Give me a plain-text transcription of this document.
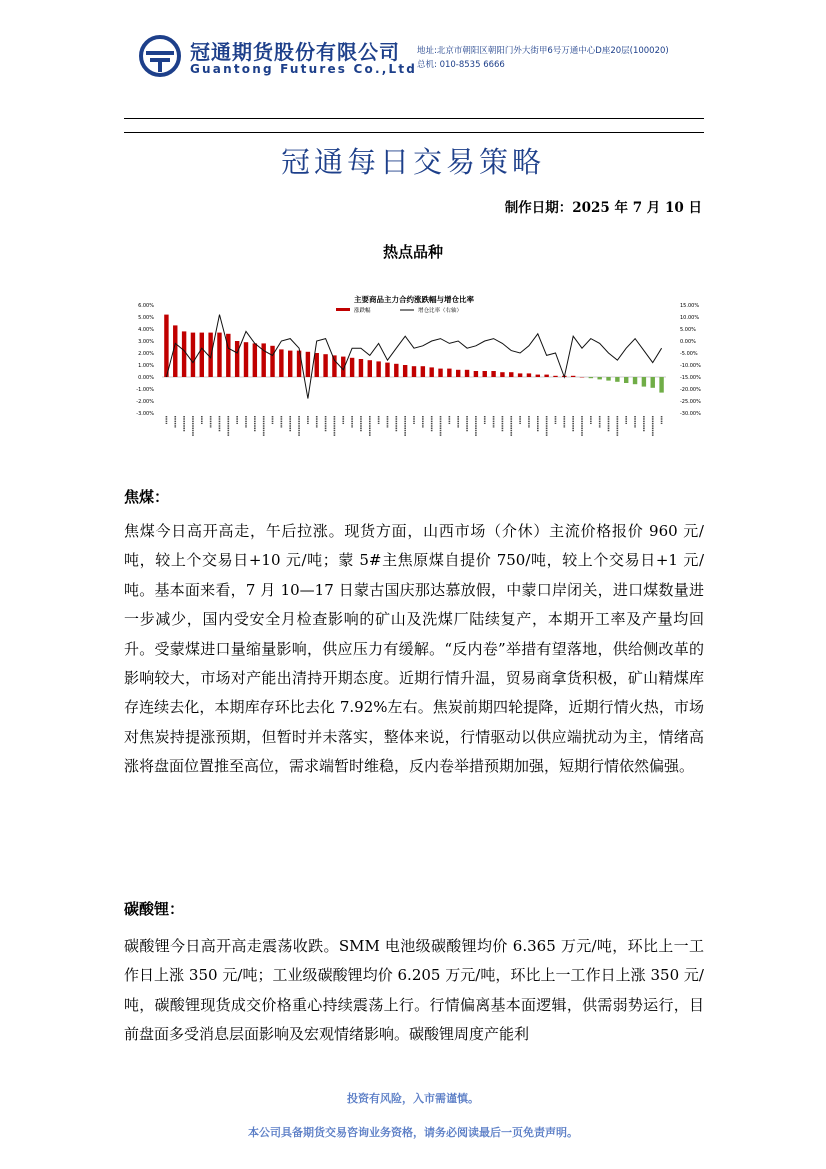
冠通期货股份有限公司
Guantong Futures Co.,Ltd
地址:北京市朝阳区朝阳门外大街甲6号万通中心D座20层(100020)
总机: 010-8535 6666
冠通每日交易策略
制作日期：2025 年 7 月 10 日
热点品种
主要商品主力合约涨跌幅与增仓比率
涨跌幅	增仓比率（右轴）
6.00%
5.00%
4.00%
3.00%
2.00%
1.00%
0.00%
-1.00%
-2.00%
-3.00%
15.00%
10.00%
5.00%
0.00%
-5.00%
-10.00%
-15.00%
-20.00%
-25.00%
-30.00%
焦煤：

焦煤今日高开高走，午后拉涨。现货方面，山西市场（介休）主流价格报价 960 元/吨，较上个交易日+10 元/吨；蒙 5#主焦原煤自提价 750/吨，较上个交易日+1 元/吨。基本面来看，7 月 10—17 日蒙古国庆那达慕放假，中蒙口岸闭关，进口煤数量进一步减少，国内受安全月检查影响的矿山及洗煤厂陆续复产，本期开工率及产量均回升。受蒙煤进口量缩量影响，供应压力有缓解。“反内卷”举措有望落地，供给侧改革的影响较大，市场对产能出清持开期态度。近期行情升温，贸易商拿货积极，矿山精煤库存连续去化，本期库存环比去化 7.92%左右。焦炭前期四轮提降，近期行情火热，市场对焦炭持提涨预期，但暂时并未落实，整体来说，行情驱动以供应端扰动为主，情绪高涨将盘面位置推至高位，需求端暂时维稳，反内卷举措预期加强，短期行情依然偏强。

碳酸锂：

碳酸锂今日高开高走震荡收跌。SMM 电池级碳酸锂均价 6.365 万元/吨，环比上一工作日上涨 350 元/吨；工业级碳酸锂均价 6.205 万元/吨，环比上一工作日上涨 350 元/吨，碳酸锂现货成交价格重心持续震荡上行。行情偏离基本面逻辑，供需弱势运行，目前盘面多受消息层面影响及宏观情绪影响。碳酸锂周度产能利

投资有风险，入市需谨慎。
本公司具备期货交易咨询业务资格，请务必阅读最后一页免责声明。
